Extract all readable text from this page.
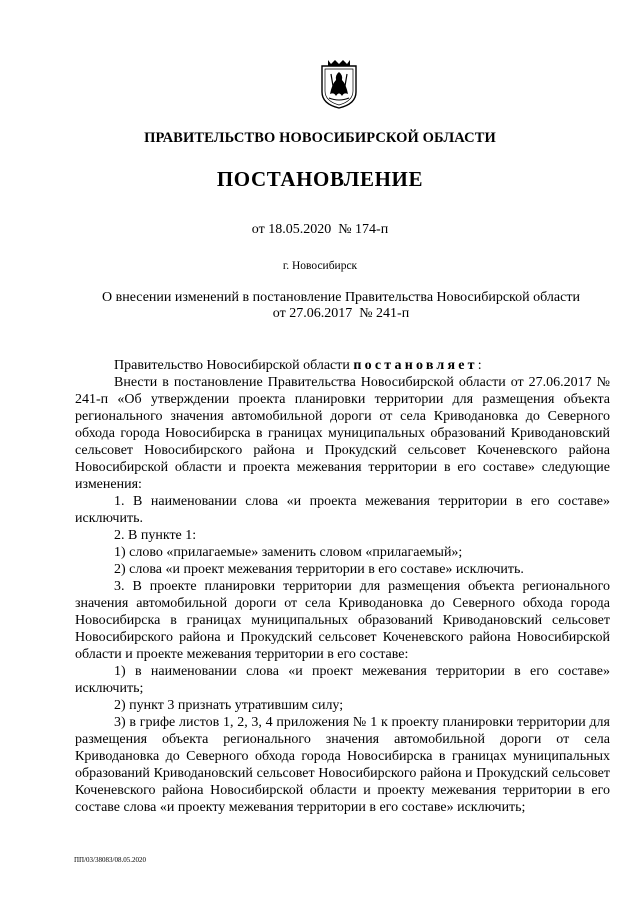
ПРАВИТЕЛЬСТВО НОВОСИБИРСКОЙ ОБЛАСТИ
ПОСТАНОВЛЕНИЕ
от 18.05.2020  № 174-п
г. Новосибирск
О внесении изменений в постановление Правительства Новосибирской области
от 27.06.2017  № 241-п

Правительство Новосибирской области постановляет:

Внести в постановление Правительства Новосибирской области от 27.06.2017 № 241-п «Об утверждении проекта планировки территории для размещения объекта регионального значения автомобильной дороги от села Криводановка до Северного обхода города Новосибирска в границах муниципальных образований Криводановский сельсовет Новосибирского района и Прокудский сельсовет Коченевского района Новосибирской области и проекта межевания территории в его составе» следующие изменения:

1. В наименовании слова «и проекта межевания территории в его составе» исключить.

2. В пункте 1:

1) слово «прилагаемые» заменить словом «прилагаемый»;

2) слова «и проект межевания территории в его составе» исключить.

3. В проекте планировки территории для размещения объекта регионального значения автомобильной дороги от села Криводановка до Северного обхода города Новосибирска в границах муниципальных образований Криводановский сельсовет Новосибирского района и Прокудский сельсовет Коченевского района Новосибирской области и проекте межевания территории в его составе:

1) в наименовании слова «и проект межевания территории в его составе» исключить;

2) пункт 3 признать утратившим силу;

3) в грифе листов 1, 2, 3, 4 приложения № 1 к проекту планировки территории для размещения объекта регионального значения автомобильной дороги от села Криводановка до Северного обхода города Новосибирска в границах муниципальных образований Криводановский сельсовет Новосибирского района и Прокудский сельсовет Коченевского района Новосибирской области и проекту межевания территории в его составе слова «и проекту межевания территории в его составе» исключить;

ПП/03/38083/08.05.2020
